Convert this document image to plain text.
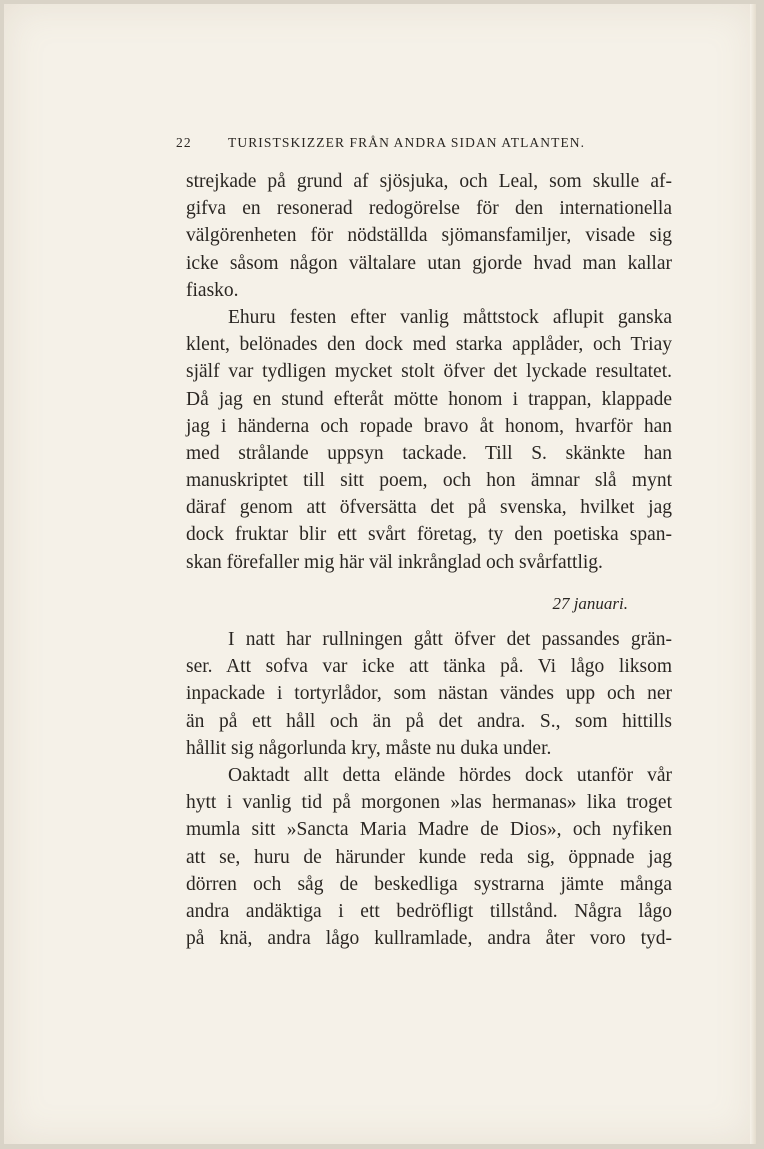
22	TURISTSKIZZER FRÅN ANDRA SIDAN ATLANTEN.
strejkade på grund af sjösjuka, och Leal, som skulle af-
gifva en resonerad redogörelse för den internationella
välgörenheten för nödställda sjömansfamiljer, visade sig
icke såsom någon vältalare utan gjorde hvad man kallar
fiasko.
Ehuru festen efter vanlig måttstock aflupit ganska
klent, belönades den dock med starka applåder, och Triay
själf var tydligen mycket stolt öfver det lyckade resultatet.
Då jag en stund efteråt mötte honom i trappan, klappade
jag i händerna och ropade bravo åt honom, hvarför han
med strålande uppsyn tackade. Till S. skänkte han
manuskriptet till sitt poem, och hon ämnar slå mynt
däraf genom att öfversätta det på svenska, hvilket jag
dock fruktar blir ett svårt företag, ty den poetiska span-
skan förefaller mig här väl inkrånglad och svårfattlig.
27 januari.
I natt har rullningen gått öfver det passandes grän-
ser. Att sofva var icke att tänka på. Vi lågo liksom
inpackade i tortyrlådor, som nästan vändes upp och ner
än på ett håll och än på det andra. S., som hittills
hållit sig någorlunda kry, måste nu duka under.
Oaktadt allt detta elände hördes dock utanför vår
hytt i vanlig tid på morgonen »las hermanas» lika troget
mumla sitt »Sancta Maria Madre de Dios», och nyfiken
att se, huru de härunder kunde reda sig, öppnade jag
dörren och såg de beskedliga systrarna jämte många
andra andäktiga i ett bedröfligt tillstånd. Några lågo
på knä, andra lågo kullramlade, andra åter voro tyd-
